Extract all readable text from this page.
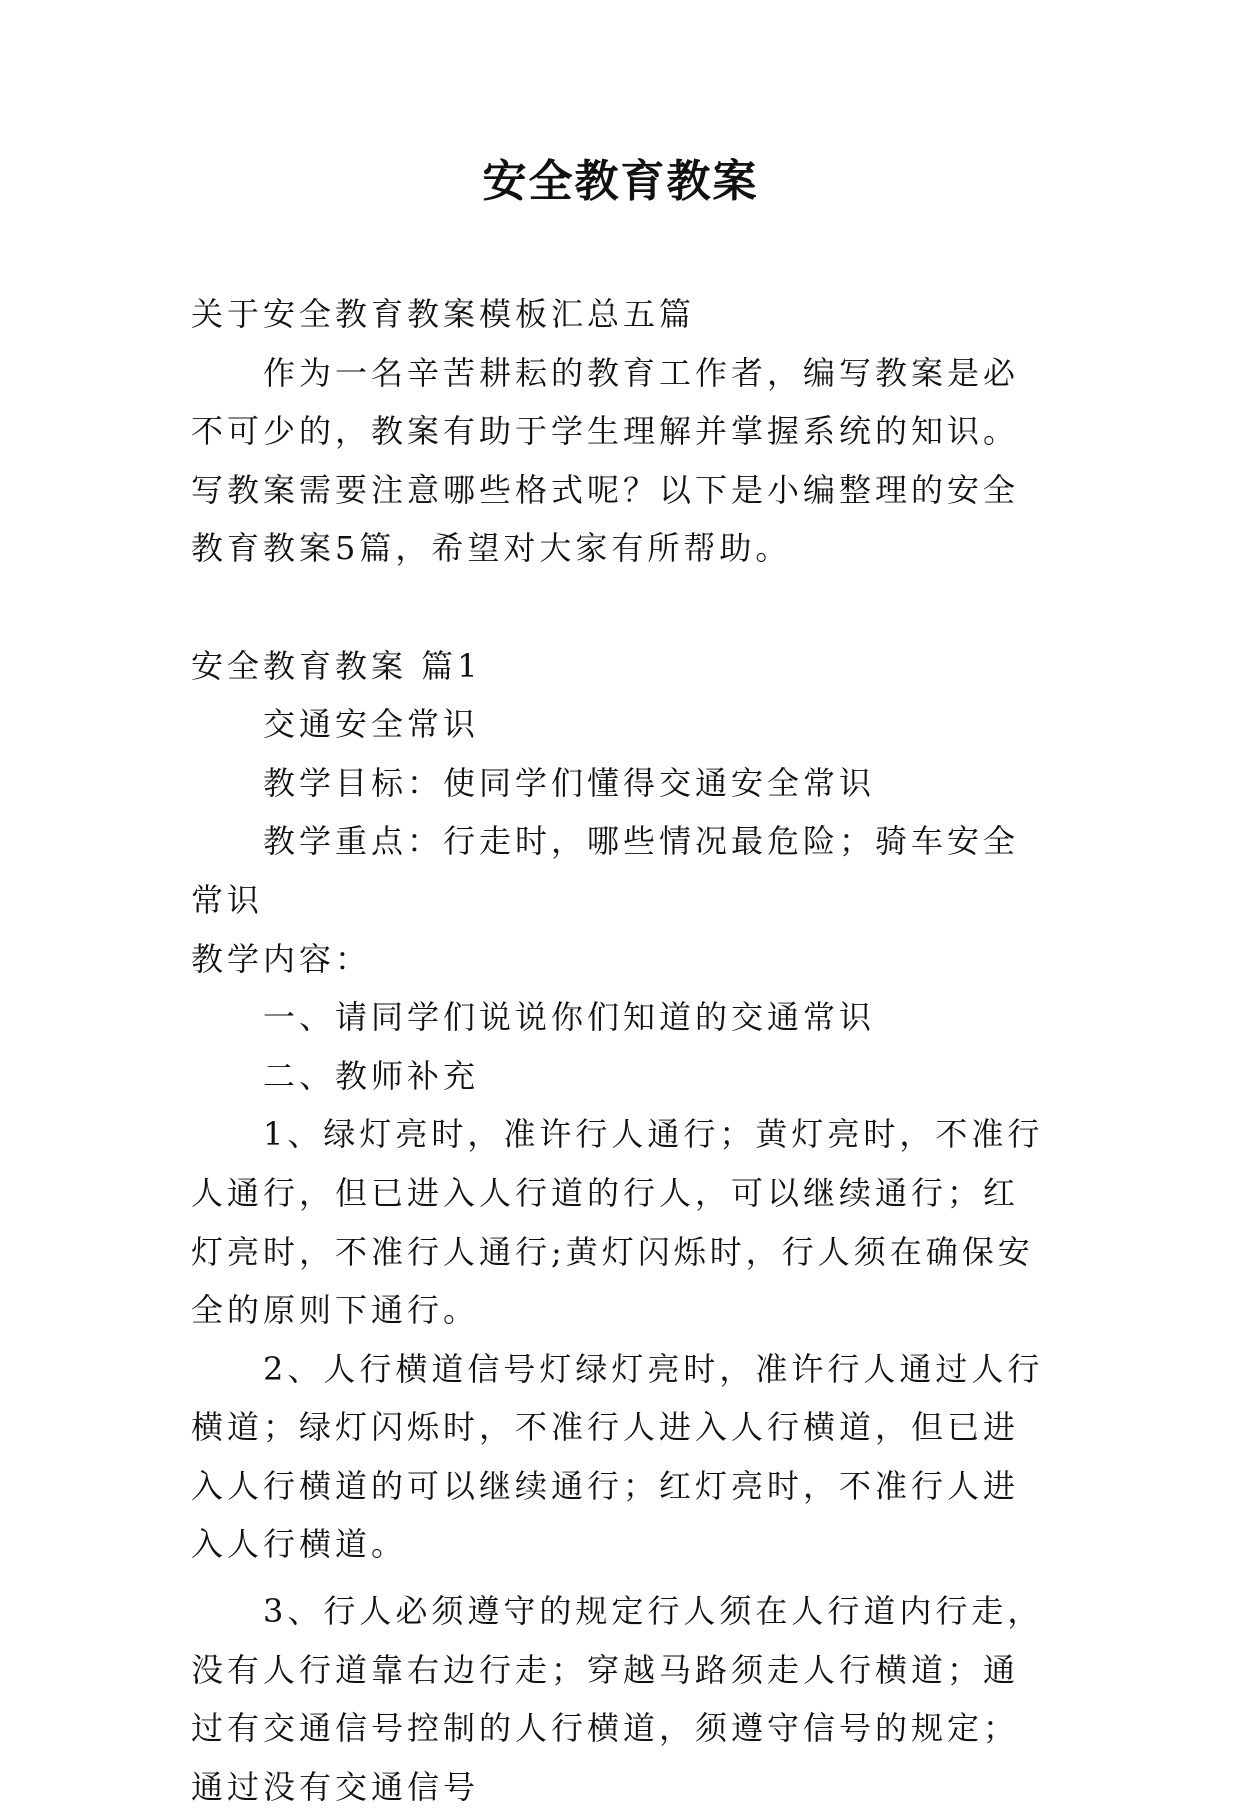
安全教育教案

关于安全教育教案模板汇总五篇

作为一名辛苦耕耘的教育工作者，编写教案是必不可少的，教案有助于学生理解并掌握系统的知识。写教案需要注意哪些格式呢？以下是小编整理的安全教育教案5篇，希望对大家有所帮助。

安全教育教案 篇1

交通安全常识

教学目标：使同学们懂得交通安全常识

教学重点：行走时，哪些情况最危险；骑车安全常识

教学内容：

一、请同学们说说你们知道的交通常识

二、教师补充

1、绿灯亮时，准许行人通行；黄灯亮时，不准行人通行，但已进入人行道的行人，可以继续通行；红灯亮时，不准行人通行;黄灯闪烁时，行人须在确保安全的原则下通行。

2、人行横道信号灯绿灯亮时，准许行人通过人行横道；绿灯闪烁时，不准行人进入人行横道，但已进入人行横道的可以继续通行；红灯亮时，不准行人进入人行横道。

3、行人必须遵守的规定行人须在人行道内行走，没有人行道靠右边行走；穿越马路须走人行横道；通过有交通信号控制的人行横道，须遵守信号的规定；通过没有交通信号
